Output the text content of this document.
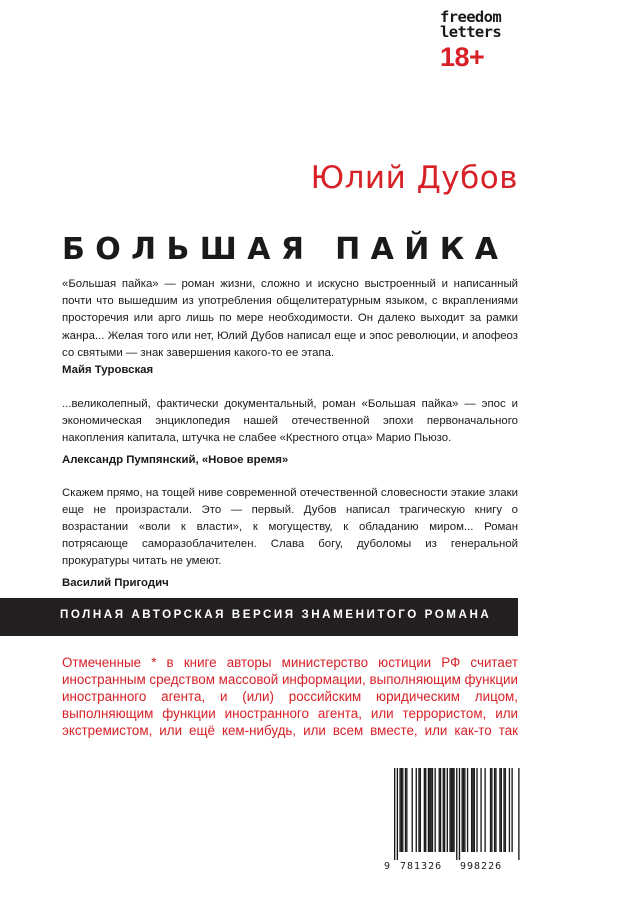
freedom
letters
18+
Юлий Дубов
БОЛЬШАЯ ПАЙКА

«Большая пайка» — роман жизни, сложно и искусно выстроенный и написанный почти что вышедшим из употребления общелитературным языком, с вкраплениями просторечия или арго лишь по мере необходимости. Он далеко выходит за рамки жанра... Желая того или нет, Юлий Дубов написал еще и эпос революции, и апофеоз со святыми — знак завершения какого-то ее этапа.

Майя Туровская

...великолепный, фактически документальный, роман «Большая пайка» — эпос и экономическая энциклопедия нашей отечественной эпохи первоначального накопления капитала, штучка не слабее «Крестного отца» Марио Пьюзо.

Александр Пумпянский, «Новое время»

Скажем прямо, на тощей ниве современной отечественной словесности этакие злаки еще не произрастали. Это — первый. Дубов написал трагическую книгу о возрастании «воли к власти», к могуществу, к обладанию миром... Роман потрясающе саморазоблачителен. Слава богу, дуболомы из генеральной прокуратуры читать не умеют.

Василий Пригодич

ПОЛНАЯ АВТОРСКАЯ ВЕРСИЯ ЗНАМЕНИТОГО РОМАНА
Отмеченные * в книге авторы министерство юстиции РФ считает иностранным средством массовой информации, выполняющим функции иностранного агента, и (или) российским юридическим лицом, выполняющим функции иностранного агента, или террористом, или экстремистом, или ещё кем-нибудь, или всем вместе, или как-то так
9 781326 998226
